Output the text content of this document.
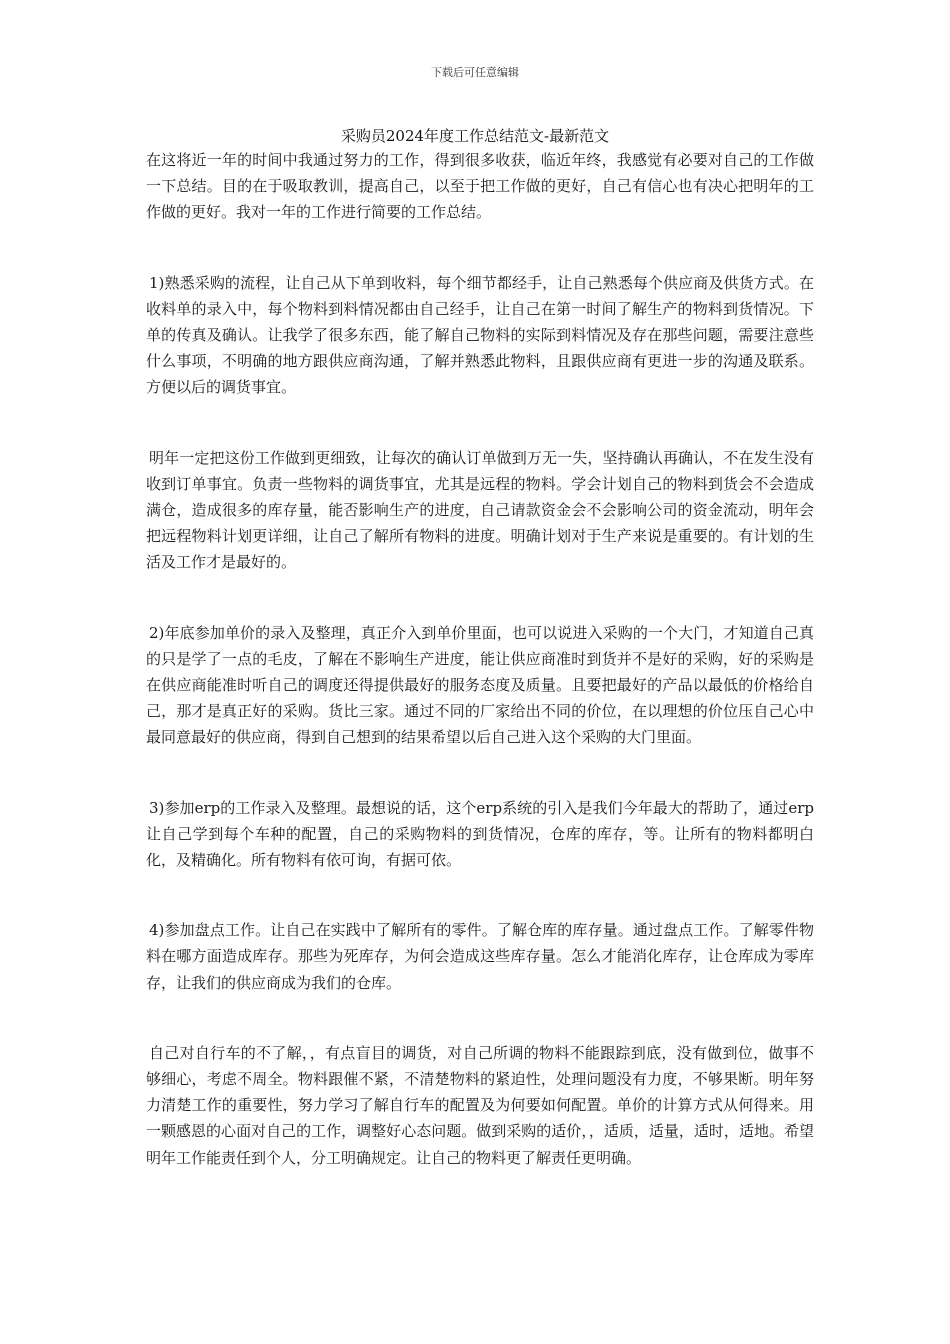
下载后可任意编辑
采购员2024年度工作总结范文-最新范文

在这将近一年的时间中我通过努力的工作，得到很多收获，临近年终，我感觉有必要对自己的工作做一下总结。目的在于吸取教训，提高自己，以至于把工作做的更好，自己有信心也有决心把明年的工作做的更好。我对一年的工作进行简要的工作总结。

1)熟悉采购的流程，让自己从下单到收料，每个细节都经手，让自己熟悉每个供应商及供货方式。在收料单的录入中，每个物料到料情况都由自己经手，让自己在第一时间了解生产的物料到货情况。下单的传真及确认。让我学了很多东西，能了解自己物料的实际到料情况及存在那些问题，需要注意些什么事项，不明确的地方跟供应商沟通，了解并熟悉此物料，且跟供应商有更进一步的沟通及联系。方便以后的调货事宜。

明年一定把这份工作做到更细致，让每次的确认订单做到万无一失，坚持确认再确认，不在发生没有收到订单事宜。负责一些物料的调货事宜，尤其是远程的物料。学会计划自己的物料到货会不会造成满仓，造成很多的库存量，能否影响生产的进度，自己请款资金会不会影响公司的资金流动，明年会把远程物料计划更详细，让自己了解所有物料的进度。明确计划对于生产来说是重要的。有计划的生活及工作才是最好的。

2)年底参加单价的录入及整理，真正介入到单价里面，也可以说进入采购的一个大门，才知道自己真的只是学了一点的毛皮，了解在不影响生产进度，能让供应商准时到货并不是好的采购，好的采购是在供应商能准时听自己的调度还得提供最好的服务态度及质量。且要把最好的产品以最低的价格给自己，那才是真正好的采购。货比三家。通过不同的厂家给出不同的价位，在以理想的价位压自己心中最同意最好的供应商，得到自己想到的结果希望以后自己进入这个采购的大门里面。

3)参加erp的工作录入及整理。最想说的话，这个erp系统的引入是我们今年最大的帮助了，通过erp让自己学到每个车种的配置，自己的采购物料的到货情况，仓库的库存，等。让所有的物料都明白化，及精确化。所有物料有依可询，有据可依。

4)参加盘点工作。让自己在实践中了解所有的零件。了解仓库的库存量。通过盘点工作。了解零件物料在哪方面造成库存。那些为死库存，为何会造成这些库存量。怎么才能消化库存，让仓库成为零库存，让我们的供应商成为我们的仓库。

自己对自行车的不了解，，有点盲目的调货，对自己所调的物料不能跟踪到底，没有做到位，做事不够细心，考虑不周全。物料跟催不紧，不清楚物料的紧迫性，处理问题没有力度，不够果断。明年努力清楚工作的重要性，努力学习了解自行车的配置及为何要如何配置。单价的计算方式从何得来。用一颗感恩的心面对自己的工作，调整好心态问题。做到采购的适价，，适质，适量，适时，适地。希望明年工作能责任到个人，分工明确规定。让自己的物料更了解责任更明确。
